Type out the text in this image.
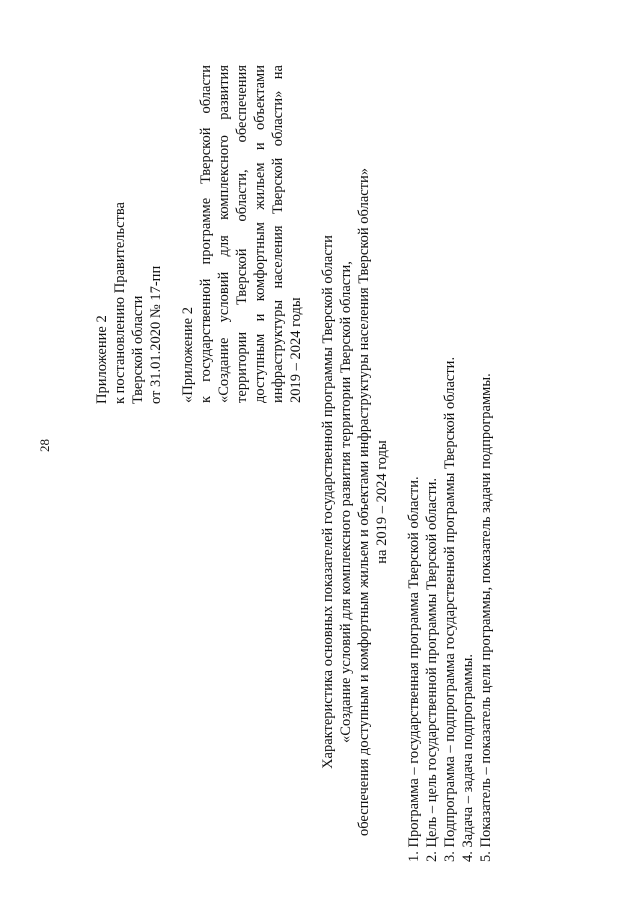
28
Приложение 2 к постановлению Правительства Тверской области от 31.01.2020 № 17-пп «Приложение 2 к государственной программе Тверской области «Создание условий для комплексного развития территории Тверской области, обеспечения доступным и комфортным жильем и объектами инфраструктуры населения Тверской области» на 2019 – 2024 годы Характеристика основных показателей государственной программы Тверской области «Создание условий для комплексного развития территории Тверской области, обеспечения доступным и комфортным жильем и объектами инфраструктуры населения Тверской области» на 2019 – 2024 годы 1. Программа – государственная программа Тверской области. 2. Цель – цель государственной программы Тверской области. 3. Подпрограмма – подпрограмма государственной программы Тверской области. 4. Задача – задача подпрограммы. 5. Показатель – показатель цели программы, показатель задачи подпрограммы.
